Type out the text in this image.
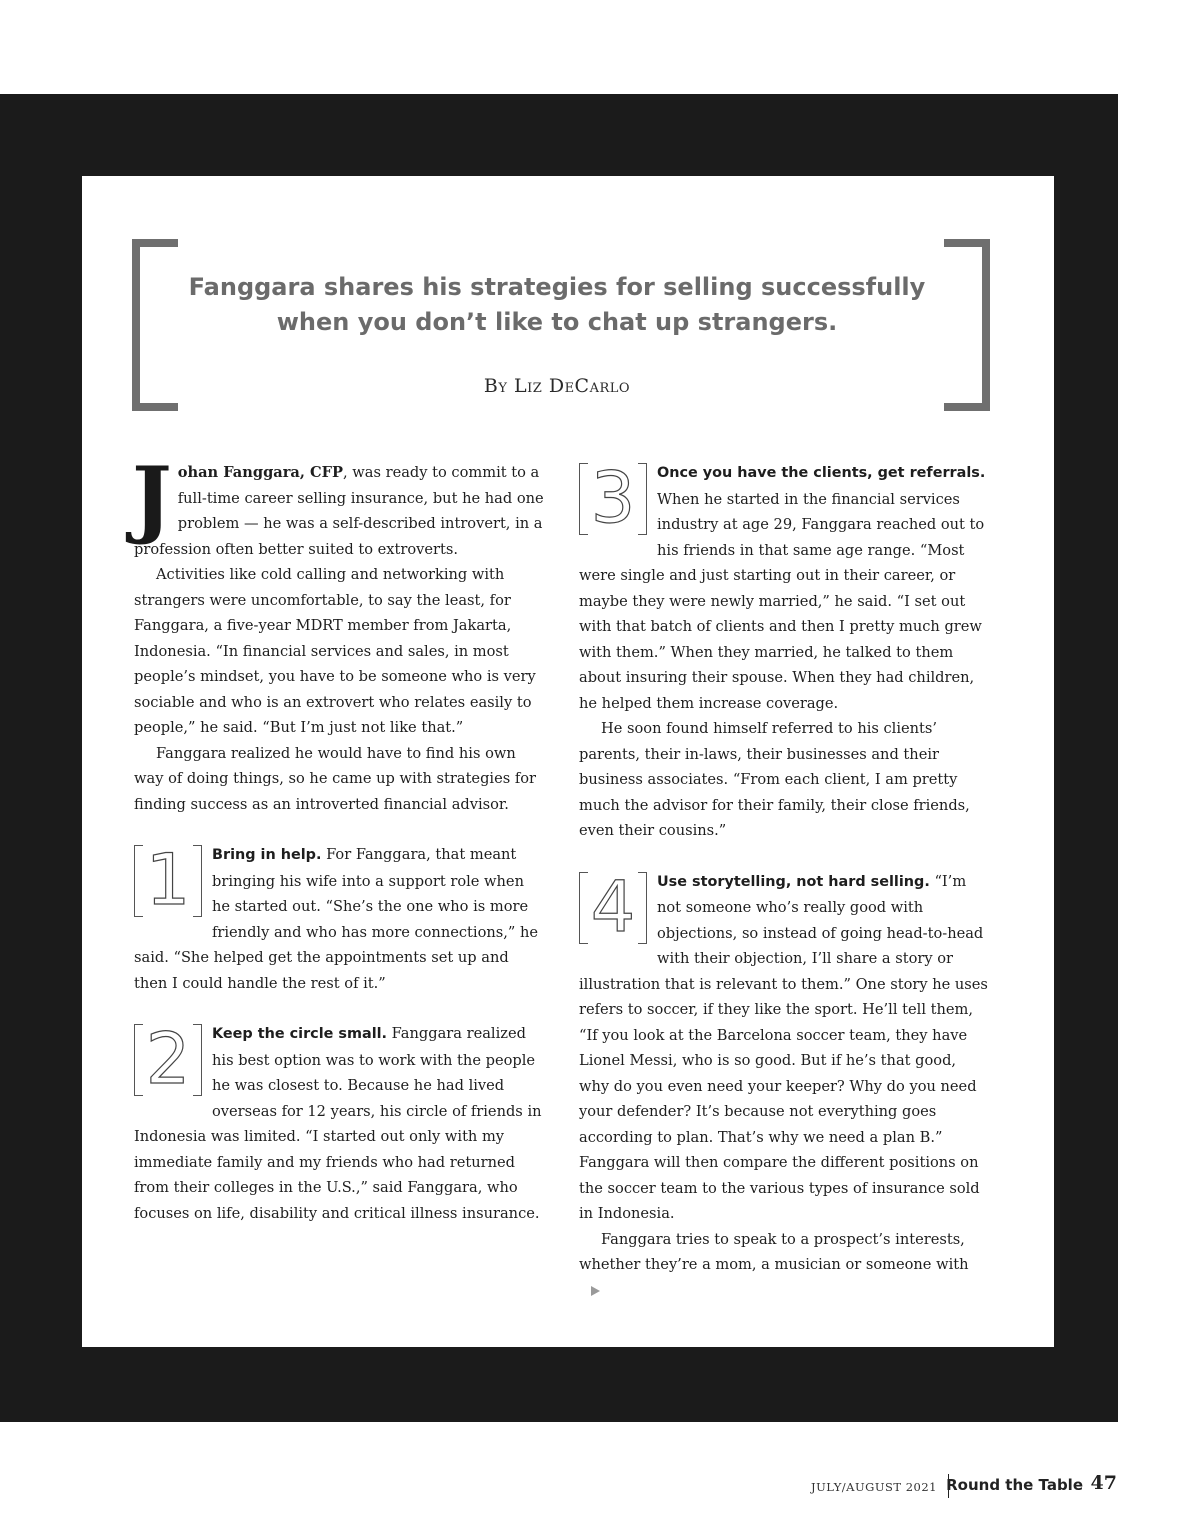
Fanggara shares his strategies for selling successfully
when you don’t like to chat up strangers.
By Liz DeCarlo

Johan Fanggara, CFP, was ready to commit to a full-time career selling insurance, but he had one problem — he was a self-described introvert, in a profession often better suited to extroverts.

Activities like cold calling and networking with strangers were uncomfortable, to say the least, for Fanggara, a five-year MDRT member from Jakarta, Indonesia. “In financial services and sales, in most people’s mindset, you have to be someone who is very sociable and who is an extrovert who relates easily to people,” he said. “But I’m just not like that.”

Fanggara realized he would have to find his own way of doing things, so he came up with strategies for finding success as an introverted financial advisor.

1	Bring in help. For Fanggara, that meant bringing his wife into a support role when he started out. “She’s the one who is more friendly and who has more connections,” he said. “She helped get the appointments set up and then I could handle the rest of it.”

2	Keep the circle small. Fanggara realized his best option was to work with the people he was closest to. Because he had lived overseas for 12 years, his circle of friends in Indonesia was limited. “I started out only with my immediate family and my friends who had returned from their colleges in the U.S.,” said Fanggara, who focuses on life, disability and critical illness insurance.

3	Once you have the clients, get referrals. When he started in the financial services industry at age 29, Fanggara reached out to his friends in that same age range. “Most were single and just starting out in their career, or maybe they were newly married,” he said. “I set out with that batch of clients and then I pretty much grew with them.” When they married, he talked to them about insuring their spouse. When they had children, he helped them increase coverage.

He soon found himself referred to his clients’ parents, their in-laws, their businesses and their business associates. “From each client, I am pretty much the advisor for their family, their close friends, even their cousins.”

4	Use storytelling, not hard selling. “I’m not someone who’s really good with objections, so instead of going head-to-head with their objection, I’ll share a story or illustration that is relevant to them.” One story he uses refers to soccer, if they like the sport. He’ll tell them, “If you look at the Barcelona soccer team, they have Lionel Messi, who is so good. But if he’s that good, why do you even need your keeper? Why do you need your defender? It’s because not everything goes according to plan. That’s why we need a plan B.” Fanggara will then compare the different positions on the soccer team to the various types of insurance sold in Indonesia.

Fanggara tries to speak to a prospect’s interests, whether they’re a mom, a musician or someone with

JULY/AUGUST 2021 Round the Table 47
